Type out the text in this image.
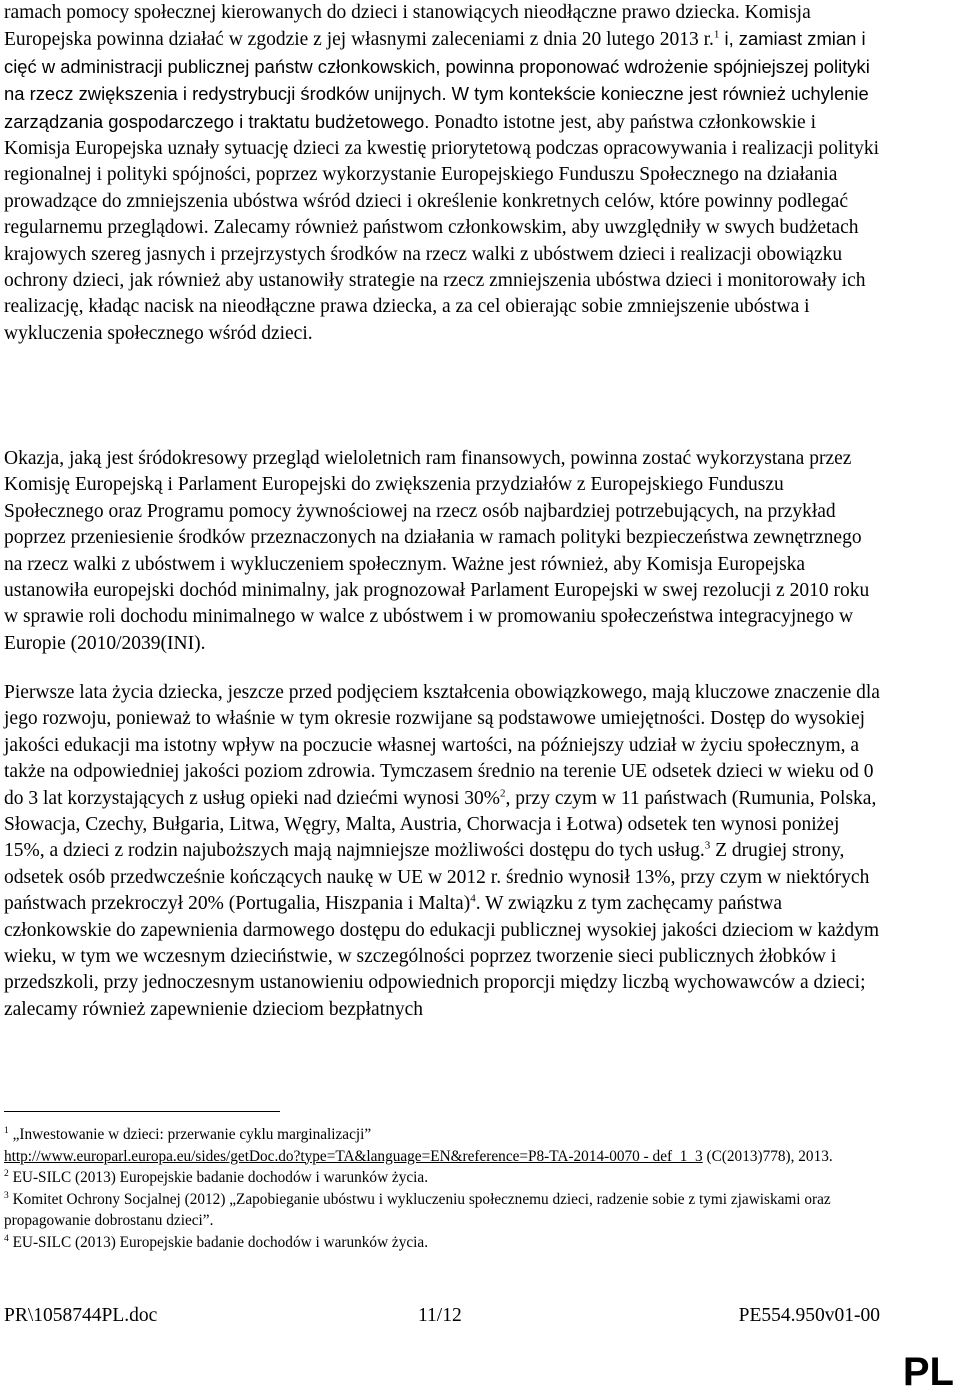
ramach pomocy społecznej kierowanych do dzieci i stanowiących nieodłączne prawo dziecka. Komisja Europejska powinna działać w zgodzie z jej własnymi zaleceniami z dnia 20 lutego 2013 r.$^1$ i, zamiast zmian i cięć w administracji publicznej państw członkowskich, powinna proponować wdrożenie spójniejszej polityki na rzecz zwiększenia i redystrybucji środków unijnych. W tym kontekście konieczne jest również uchylenie zarządzania gospodarczego i traktatu budżetowego. Ponadto istotne jest, aby państwa członkowskie i Komisja Europejska uznały sytuację dzieci za kwestię priorytetową podczas opracowywania i realizacji polityki regionalnej i polityki spójności, poprzez wykorzystanie Europejskiego Funduszu Społecznego na działania prowadzące do zmniejszenia ubóstwa wśród dzieci i określenie konkretnych celów, które powinny podlegać regularnemu przeglądowi. Zalecamy również państwom członkowskim, aby uwzględniły w swych budżetach krajowych szereg jasnych i przejrzystych środków na rzecz walki z ubóstwem dzieci i realizacji obowiązku ochrony dzieci, jak również aby ustanowiły strategie na rzecz zmniejszenia ubóstwa dzieci i monitorowały ich realizację, kładąc nacisk na nieodłączne prawa dziecka, a za cel obierając sobie zmniejszenie ubóstwa i wykluczenia społecznego wśród dzieci.

Okazja, jaką jest śródokresowy przegląd wieloletnich ram finansowych, powinna zostać wykorzystana przez Komisję Europejską i Parlament Europejski do zwiększenia przydziałów z Europejskiego Funduszu Społecznego oraz Programu pomocy żywnościowej na rzecz osób najbardziej potrzebujących, na przykład poprzez przeniesienie środków przeznaczonych na działania w ramach polityki bezpieczeństwa zewnętrznego na rzecz walki z ubóstwem i wykluczeniem społecznym. Ważne jest również, aby Komisja Europejska ustanowiła europejski dochód minimalny, jak prognozował Parlament Europejski w swej rezolucji z 2010 roku w sprawie roli dochodu minimalnego w walce z ubóstwem i w promowaniu społeczeństwa integracyjnego w Europie (2010/2039(INI).

Pierwsze lata życia dziecka, jeszcze przed podjęciem kształcenia obowiązkowego, mają kluczowe znaczenie dla jego rozwoju, ponieważ to właśnie w tym okresie rozwijane są podstawowe umiejętności. Dostęp do wysokiej jakości edukacji ma istotny wpływ na poczucie własnej wartości, na późniejszy udział w życiu społecznym, a także na odpowiedniej jakości poziom zdrowia. Tymczasem średnio na terenie UE odsetek dzieci w wieku od 0 do 3 lat korzystających z usług opieki nad dziećmi wynosi 30%$^2$, przy czym w 11 państwach (Rumunia, Polska, Słowacja, Czechy, Bułgaria, Litwa, Węgry, Malta, Austria, Chorwacja i Łotwa) odsetek ten wynosi poniżej 15%, a dzieci z rodzin najuboższych mają najmniejsze możliwości dostępu do tych usług.$^3$ Z drugiej strony, odsetek osób przedwcześnie kończących naukę w UE w 2012 r. średnio wynosił 13%, przy czym w niektórych państwach przekroczył 20% (Portugalia, Hiszpania i Malta)$^4$. W związku z tym zachęcamy państwa członkowskie do zapewnienia darmowego dostępu do edukacji publicznej wysokiej jakości dzieciom w każdym wieku, w tym we wczesnym dzieciństwie, w szczególności poprzez tworzenie sieci publicznych żłobków i przedszkoli, przy jednoczesnym ustanowieniu odpowiednich proporcji między liczbą wychowawców a dzieci; zalecamy również zapewnienie dzieciom bezpłatnych

$^1$ „Inwestowanie w dzieci: przerwanie cyklu marginalizacji”
http://www.europarl.europa.eu/sides/getDoc.do?type=TA&language=EN&reference=P8-TA-2014-0070 - def_1_3 (C(2013)778), 2013.

$^2$ EU-SILC (2013) Europejskie badanie dochodów i warunków życia.

$^3$ Komitet Ochrony Socjalnej (2012) „Zapobieganie ubóstwu i wykluczeniu społecznemu dzieci, radzenie sobie z tymi zjawiskami oraz propagowanie dobrostanu dzieci”.

$^4$ EU-SILC (2013) Europejskie badanie dochodów i warunków życia.

PR\1058744PL.doc	11/12	PE554.950v01-00
PL
